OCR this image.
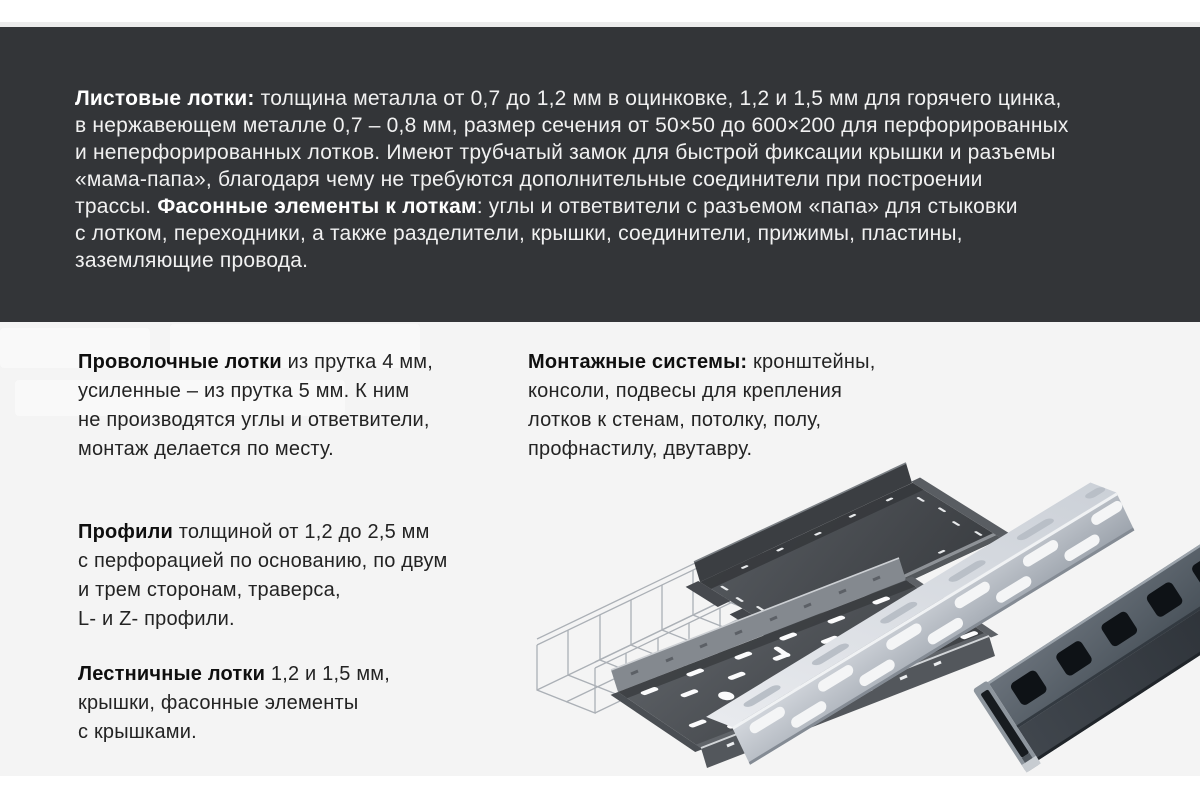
Листовые лотки: толщина металла от 0,7 до 1,2 мм в оцинковке, 1,2 и 1,5 мм для горячего цинка,
в нержавеющем металле 0,7 – 0,8 мм, размер сечения от 50×50 до 600×200 для перфорированных
и неперфорированных лотков. Имеют трубчатый замок для быстрой фиксации крышки и разъемы
«мама-папа», благодаря чему не требуются дополнительные соединители при построении
трассы. Фасонные элементы к лоткам: углы и ответвители с разъемом «папа» для стыковки
с лотком, переходники, а также разделители, крышки, соединители, прижимы, пластины,
заземляющие провода.

Проволочные лотки из прутка 4 мм,
усиленные – из прутка 5 мм. К ним
не производятся углы и ответвители,
монтаж делается по месту.

Профили толщиной от 1,2 до 2,5 мм
с перфорацией по основанию, по двум
и трем сторонам, траверса,
L- и Z- профили.

Лестничные лотки 1,2 и 1,5 мм,
крышки, фасонные элементы
с крышками.

Монтажные системы: кронштейны,
консоли, подвесы для крепления
лотков к стенам, потолку, полу,
профнастилу, двутавру.
